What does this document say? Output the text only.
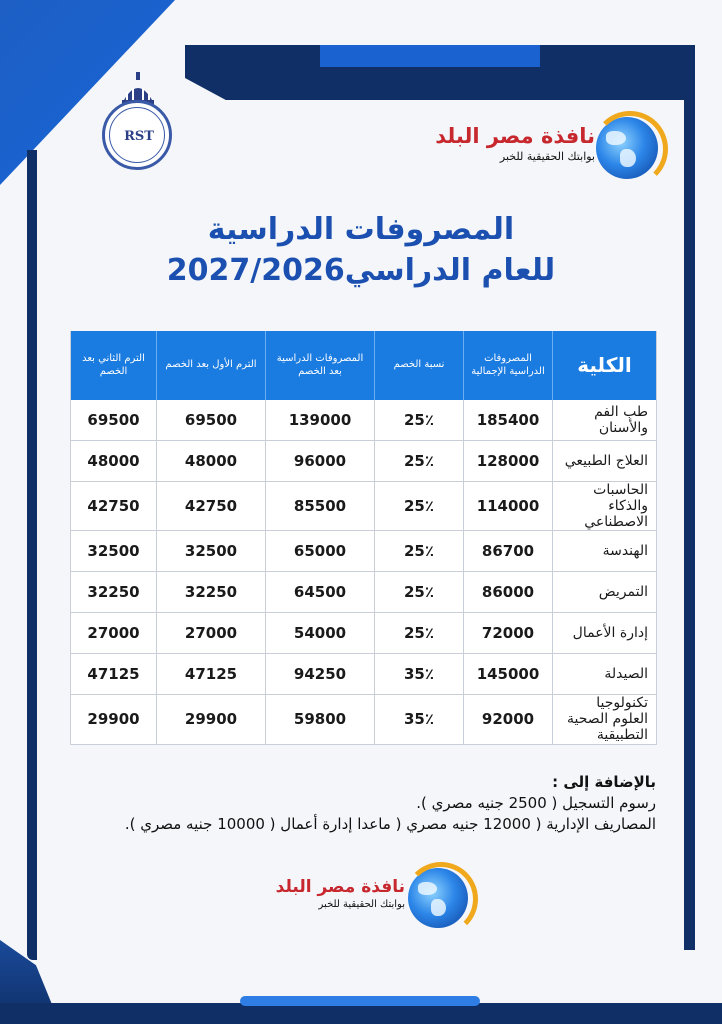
RST	نافذة مصر البلد
بوابتك الحقيقية للخبر
المصروفات الدراسية
للعام الدراسي2027/2026
الكلية	المصروفات الدراسية الإجمالية	نسبة الخصم	المصروفات الدراسية بعد الخصم	الترم الأول بعد الخصم	الترم الثاني بعد الخصم
طب الفم والأسنان	185400	25٪	139000	69500	69500
العلاج الطبيعي	128000	25٪	96000	48000	48000
الحاسبات والذكاء الاصطناعي	114000	25٪	85500	42750	42750
الهندسة	86700	25٪	65000	32500	32500
التمريض	86000	25٪	64500	32250	32250
إدارة الأعمال	72000	25٪	54000	27000	27000
الصيدلة	145000	35٪	94250	47125	47125
تكنولوجيا العلوم الصحية التطبيقية	92000	35٪	59800	29900	29900
بالإضافة إلى :
رسوم التسجيل ( 2500 جنيه مصري ).
المصاريف الإدارية ( 12000 جنيه مصري ( ماعدا إدارة أعمال ( 10000 جنيه مصري ).
نافذة مصر البلد
بوابتك الحقيقية للخبر
